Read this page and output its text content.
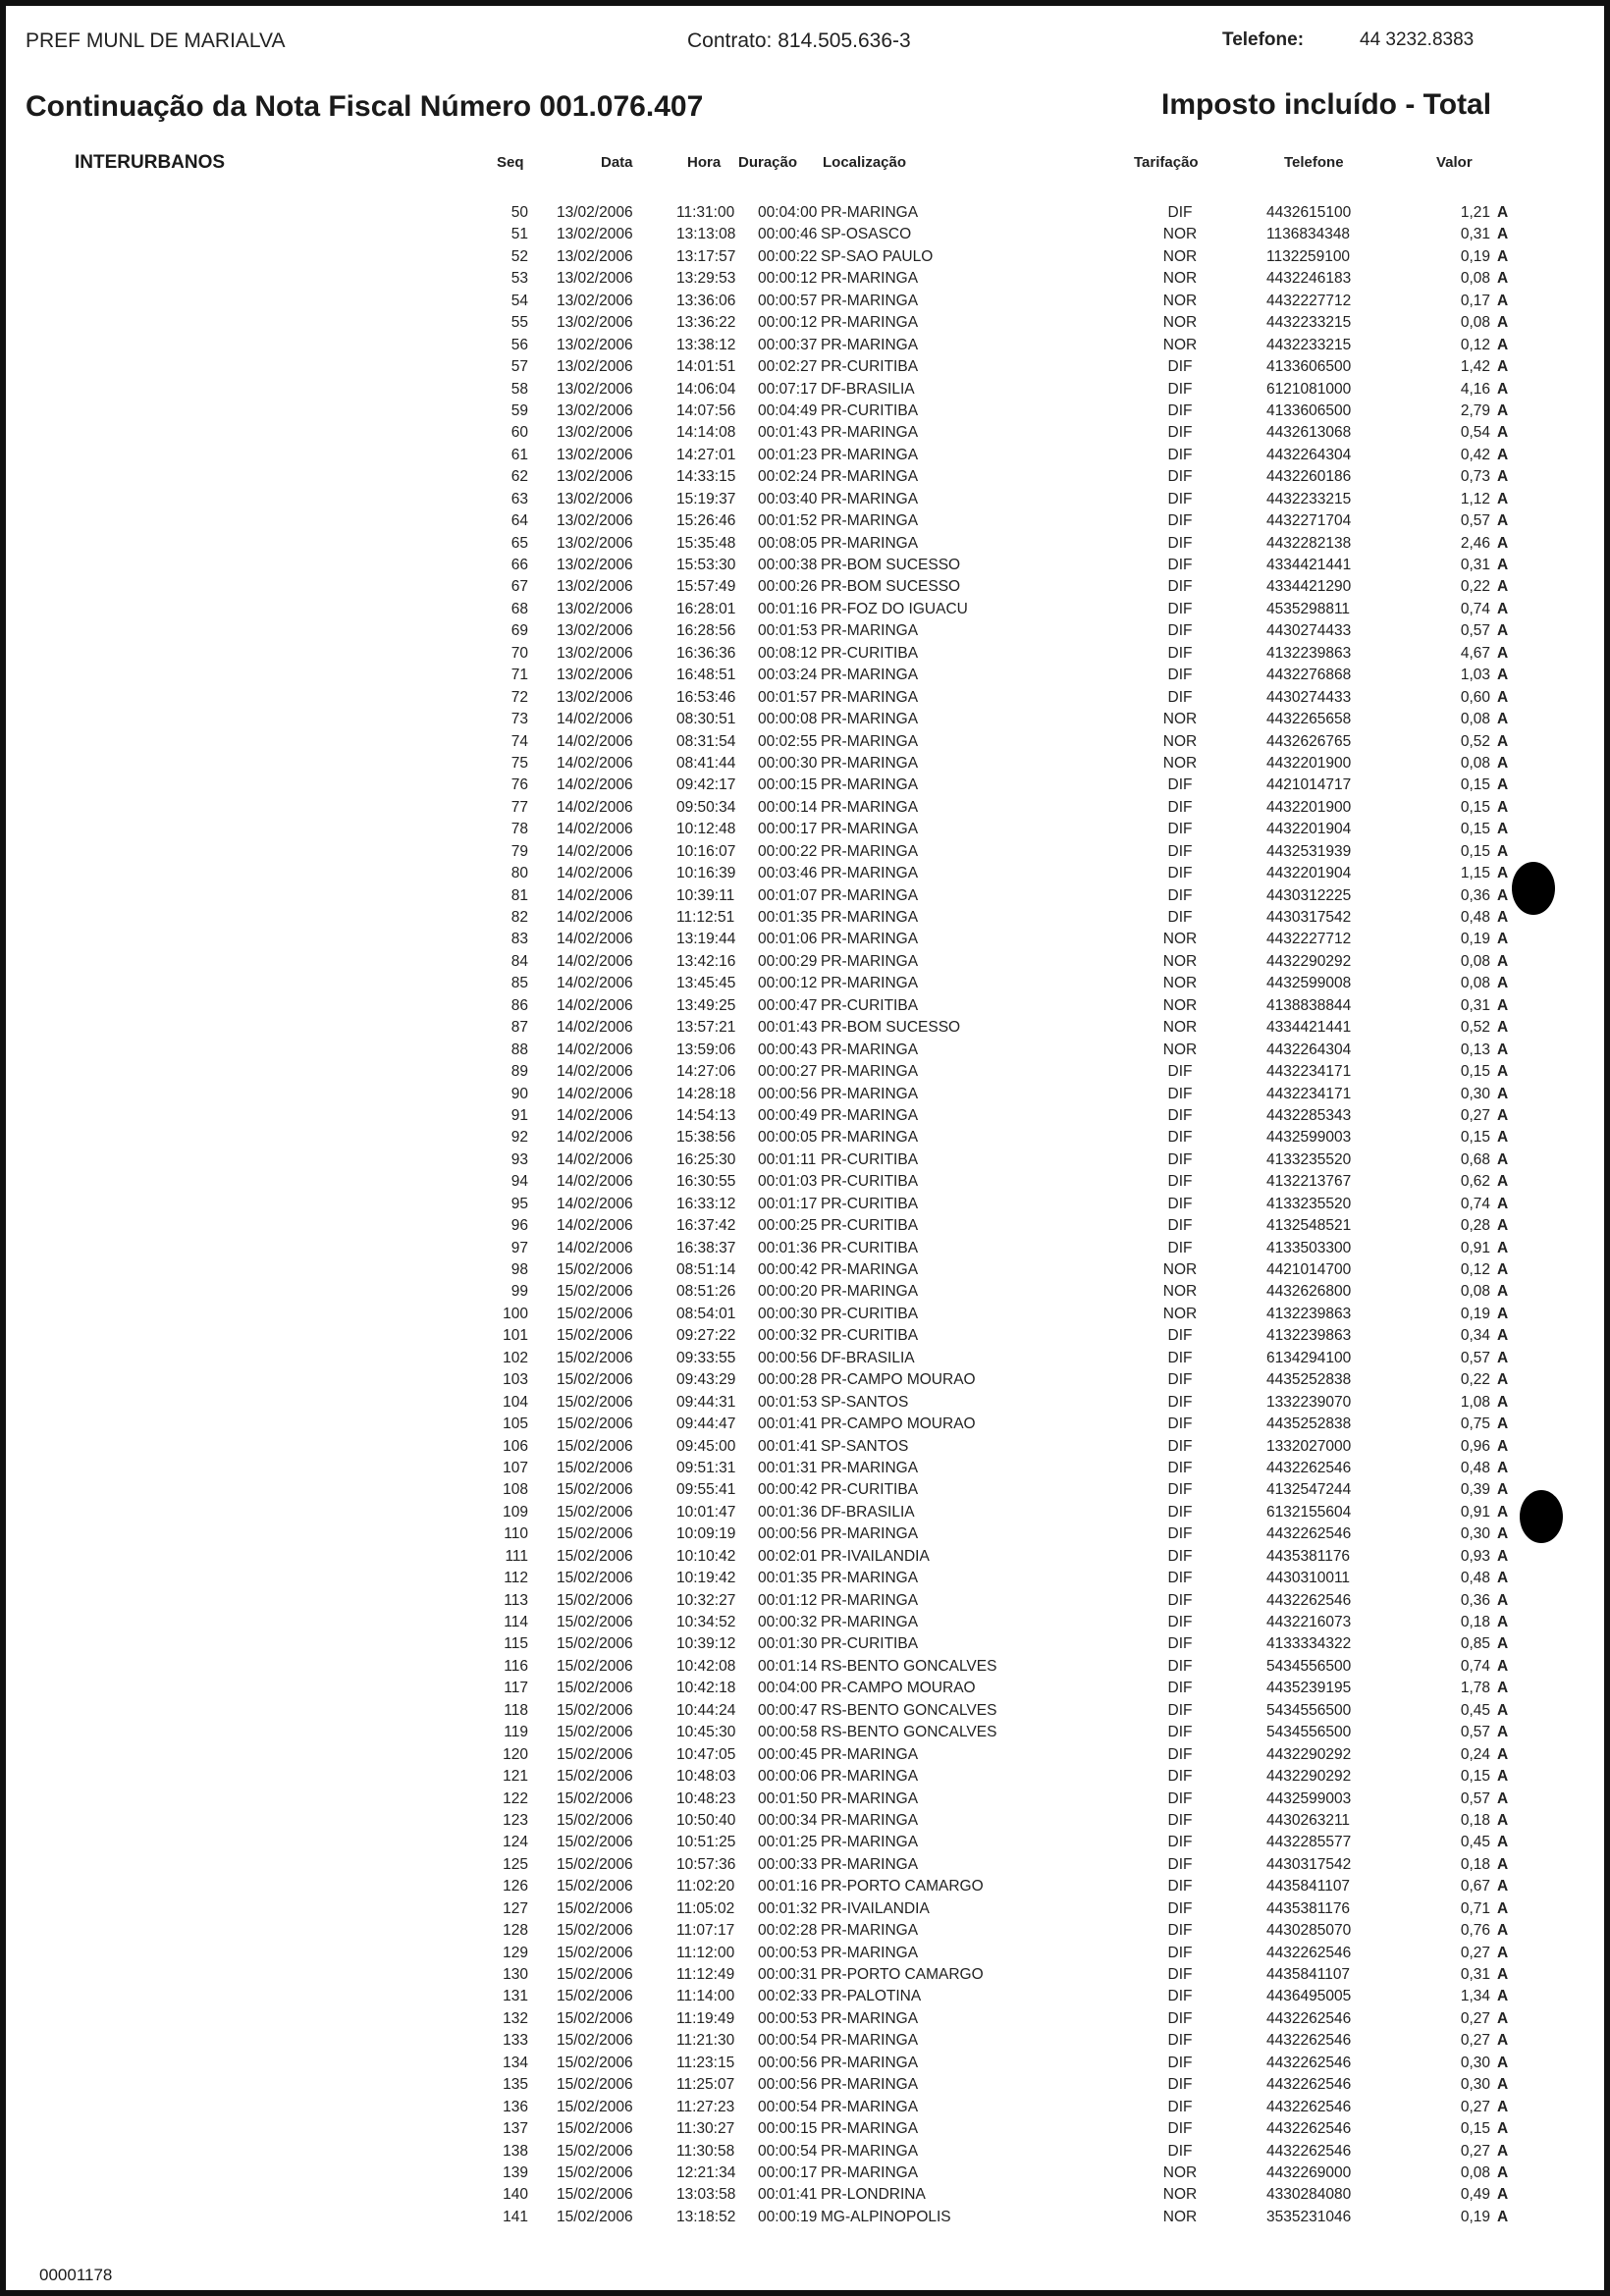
PREF MUNL DE MARIALVA	Contrato: 814.505.636-3	Telefone:	44 3232.8383
Continuação da Nota Fiscal Número 001.076.407	Imposto incluído - Total
INTERURBANOS	Seq	Data	Hora Duração Localização	Tarifação	Telefone	Valor
50 13/02/2006	11:31:00 00:04:00 PR-MARINGA	DIF	4432615100	1,21 A
51 13/02/2006	13:13:08 00:00:46 SP-OSASCO	NOR	1136834348	0,31 A
52 13/02/2006	13:17:57 00:00:22 SP-SAO PAULO	NOR	1132259100	0,19 A
53 13/02/2006	13:29:53 00:00:12 PR-MARINGA	NOR	4432246183	0,08 A
54 13/02/2006	13:36:06 00:00:57 PR-MARINGA	NOR	4432227712	0,17 A
55 13/02/2006	13:36:22 00:00:12 PR-MARINGA	NOR	4432233215	0,08 A
56 13/02/2006	13:38:12 00:00:37 PR-MARINGA	NOR	4432233215	0,12 A
57 13/02/2006	14:01:51 00:02:27 PR-CURITIBA	DIF	4133606500	1,42 A
58 13/02/2006	14:06:04 00:07:17 DF-BRASILIA	DIF	6121081000	4,16 A
59 13/02/2006	14:07:56 00:04:49 PR-CURITIBA	DIF	4133606500	2,79 A
60 13/02/2006	14:14:08 00:01:43 PR-MARINGA	DIF	4432613068	0,54 A
61 13/02/2006	14:27:01 00:01:23 PR-MARINGA	DIF	4432264304	0,42 A
62 13/02/2006	14:33:15 00:02:24 PR-MARINGA	DIF	4432260186	0,73 A
63 13/02/2006	15:19:37 00:03:40 PR-MARINGA	DIF	4432233215	1,12 A
64 13/02/2006	15:26:46 00:01:52 PR-MARINGA	DIF	4432271704	0,57 A
65 13/02/2006	15:35:48 00:08:05 PR-MARINGA	DIF	4432282138	2,46 A
66 13/02/2006	15:53:30 00:00:38 PR-BOM SUCESSO	DIF	4334421441	0,31 A
67 13/02/2006	15:57:49 00:00:26 PR-BOM SUCESSO	DIF	4334421290	0,22 A
68 13/02/2006	16:28:01 00:01:16 PR-FOZ DO IGUACU	DIF	4535298811	0,74 A
69 13/02/2006	16:28:56 00:01:53 PR-MARINGA	DIF	4430274433	0,57 A
70 13/02/2006	16:36:36 00:08:12 PR-CURITIBA	DIF	4132239863	4,67 A
71 13/02/2006	16:48:51 00:03:24 PR-MARINGA	DIF	4432276868	1,03 A
72 13/02/2006	16:53:46 00:01:57 PR-MARINGA	DIF	4430274433	0,60 A
73 14/02/2006	08:30:51 00:00:08 PR-MARINGA	NOR	4432265658	0,08 A
74 14/02/2006	08:31:54 00:02:55 PR-MARINGA	NOR	4432626765	0,52 A
75 14/02/2006	08:41:44 00:00:30 PR-MARINGA	NOR	4432201900	0,08 A
76 14/02/2006	09:42:17 00:00:15 PR-MARINGA	DIF	4421014717	0,15 A
77 14/02/2006	09:50:34 00:00:14 PR-MARINGA	DIF	4432201900	0,15 A
78 14/02/2006	10:12:48 00:00:17 PR-MARINGA	DIF	4432201904	0,15 A
79 14/02/2006	10:16:07 00:00:22 PR-MARINGA	DIF	4432531939	0,15 A
80 14/02/2006	10:16:39 00:03:46 PR-MARINGA	DIF	4432201904	1,15 A
81 14/02/2006	10:39:11 00:01:07 PR-MARINGA	DIF	4430312225	0,36 A
82 14/02/2006	11:12:51 00:01:35 PR-MARINGA	DIF	4430317542	0,48 A
83 14/02/2006	13:19:44 00:01:06 PR-MARINGA	NOR	4432227712	0,19 A
84 14/02/2006	13:42:16 00:00:29 PR-MARINGA	NOR	4432290292	0,08 A
85 14/02/2006	13:45:45 00:00:12 PR-MARINGA	NOR	4432599008	0,08 A
86 14/02/2006	13:49:25 00:00:47 PR-CURITIBA	NOR	4138838844	0,31 A
87 14/02/2006	13:57:21 00:01:43 PR-BOM SUCESSO	NOR	4334421441	0,52 A
88 14/02/2006	13:59:06 00:00:43 PR-MARINGA	NOR	4432264304	0,13 A
89 14/02/2006	14:27:06 00:00:27 PR-MARINGA	DIF	4432234171	0,15 A
90 14/02/2006	14:28:18 00:00:56 PR-MARINGA	DIF	4432234171	0,30 A
91 14/02/2006	14:54:13 00:00:49 PR-MARINGA	DIF	4432285343	0,27 A
92 14/02/2006	15:38:56 00:00:05 PR-MARINGA	DIF	4432599003	0,15 A
93 14/02/2006	16:25:30 00:01:11 PR-CURITIBA	DIF	4133235520	0,68 A
94 14/02/2006	16:30:55 00:01:03 PR-CURITIBA	DIF	4132213767	0,62 A
95 14/02/2006	16:33:12 00:01:17 PR-CURITIBA	DIF	4133235520	0,74 A
96 14/02/2006	16:37:42 00:00:25 PR-CURITIBA	DIF	4132548521	0,28 A
97 14/02/2006	16:38:37 00:01:36 PR-CURITIBA	DIF	4133503300	0,91 A
98 15/02/2006	08:51:14 00:00:42 PR-MARINGA	NOR	4421014700	0,12 A
99 15/02/2006	08:51:26 00:00:20 PR-MARINGA	NOR	4432626800	0,08 A
100 15/02/2006	08:54:01 00:00:30 PR-CURITIBA	NOR	4132239863	0,19 A
101 15/02/2006	09:27:22 00:00:32 PR-CURITIBA	DIF	4132239863	0,34 A
102 15/02/2006	09:33:55 00:00:56 DF-BRASILIA	DIF	6134294100	0,57 A
103 15/02/2006	09:43:29 00:00:28 PR-CAMPO MOURAO	DIF	4435252838	0,22 A
104 15/02/2006	09:44:31 00:01:53 SP-SANTOS	DIF	1332239070	1,08 A
105 15/02/2006	09:44:47 00:01:41 PR-CAMPO MOURAO	DIF	4435252838	0,75 A
106 15/02/2006	09:45:00 00:01:41 SP-SANTOS	DIF	1332027000	0,96 A
107 15/02/2006	09:51:31 00:01:31 PR-MARINGA	DIF	4432262546	0,48 A
108 15/02/2006	09:55:41 00:00:42 PR-CURITIBA	DIF	4132547244	0,39 A
109 15/02/2006	10:01:47 00:01:36 DF-BRASILIA	DIF	6132155604	0,91 A
110 15/02/2006	10:09:19 00:00:56 PR-MARINGA	DIF	4432262546	0,30 A
111 15/02/2006	10:10:42 00:02:01 PR-IVAILANDIA	DIF	4435381176	0,93 A
112 15/02/2006	10:19:42 00:01:35 PR-MARINGA	DIF	4430310011	0,48 A
113 15/02/2006	10:32:27 00:01:12 PR-MARINGA	DIF	4432262546	0,36 A
114 15/02/2006	10:34:52 00:00:32 PR-MARINGA	DIF	4432216073	0,18 A
115 15/02/2006	10:39:12 00:01:30 PR-CURITIBA	DIF	4133334322	0,85 A
116 15/02/2006	10:42:08 00:01:14 RS-BENTO GONCALVES	DIF	5434556500	0,74 A
117 15/02/2006	10:42:18 00:04:00 PR-CAMPO MOURAO	DIF	4435239195	1,78 A
118 15/02/2006	10:44:24 00:00:47 RS-BENTO GONCALVES	DIF	5434556500	0,45 A
119 15/02/2006	10:45:30 00:00:58 RS-BENTO GONCALVES	DIF	5434556500	0,57 A
120 15/02/2006	10:47:05 00:00:45 PR-MARINGA	DIF	4432290292	0,24 A
121 15/02/2006	10:48:03 00:00:06 PR-MARINGA	DIF	4432290292	0,15 A
122 15/02/2006	10:48:23 00:01:50 PR-MARINGA	DIF	4432599003	0,57 A
123 15/02/2006	10:50:40 00:00:34 PR-MARINGA	DIF	4430263211	0,18 A
124 15/02/2006	10:51:25 00:01:25 PR-MARINGA	DIF	4432285577	0,45 A
125 15/02/2006	10:57:36 00:00:33 PR-MARINGA	DIF	4430317542	0,18 A
126 15/02/2006	11:02:20 00:01:16 PR-PORTO CAMARGO	DIF	4435841107	0,67 A
127 15/02/2006	11:05:02 00:01:32 PR-IVAILANDIA	DIF	4435381176	0,71 A
128 15/02/2006	11:07:17 00:02:28 PR-MARINGA	DIF	4430285070	0,76 A
129 15/02/2006	11:12:00 00:00:53 PR-MARINGA	DIF	4432262546	0,27 A
130 15/02/2006	11:12:49 00:00:31 PR-PORTO CAMARGO	DIF	4435841107	0,31 A
131 15/02/2006	11:14:00 00:02:33 PR-PALOTINA	DIF	4436495005	1,34 A
132 15/02/2006	11:19:49 00:00:53 PR-MARINGA	DIF	4432262546	0,27 A
133 15/02/2006	11:21:30 00:00:54 PR-MARINGA	DIF	4432262546	0,27 A
134 15/02/2006	11:23:15 00:00:56 PR-MARINGA	DIF	4432262546	0,30 A
135 15/02/2006	11:25:07 00:00:56 PR-MARINGA	DIF	4432262546	0,30 A
136 15/02/2006	11:27:23 00:00:54 PR-MARINGA	DIF	4432262546	0,27 A
137 15/02/2006	11:30:27 00:00:15 PR-MARINGA	DIF	4432262546	0,15 A
138 15/02/2006	11:30:58 00:00:54 PR-MARINGA	DIF	4432262546	0,27 A
139 15/02/2006	12:21:34 00:00:17 PR-MARINGA	NOR	4432269000	0,08 A
140 15/02/2006	13:03:58 00:01:41 PR-LONDRINA	NOR	4330284080	0,49 A
141 15/02/2006	13:18:52 00:00:19 MG-ALPINOPOLIS	NOR	3535231046	0,19 A
00001178
